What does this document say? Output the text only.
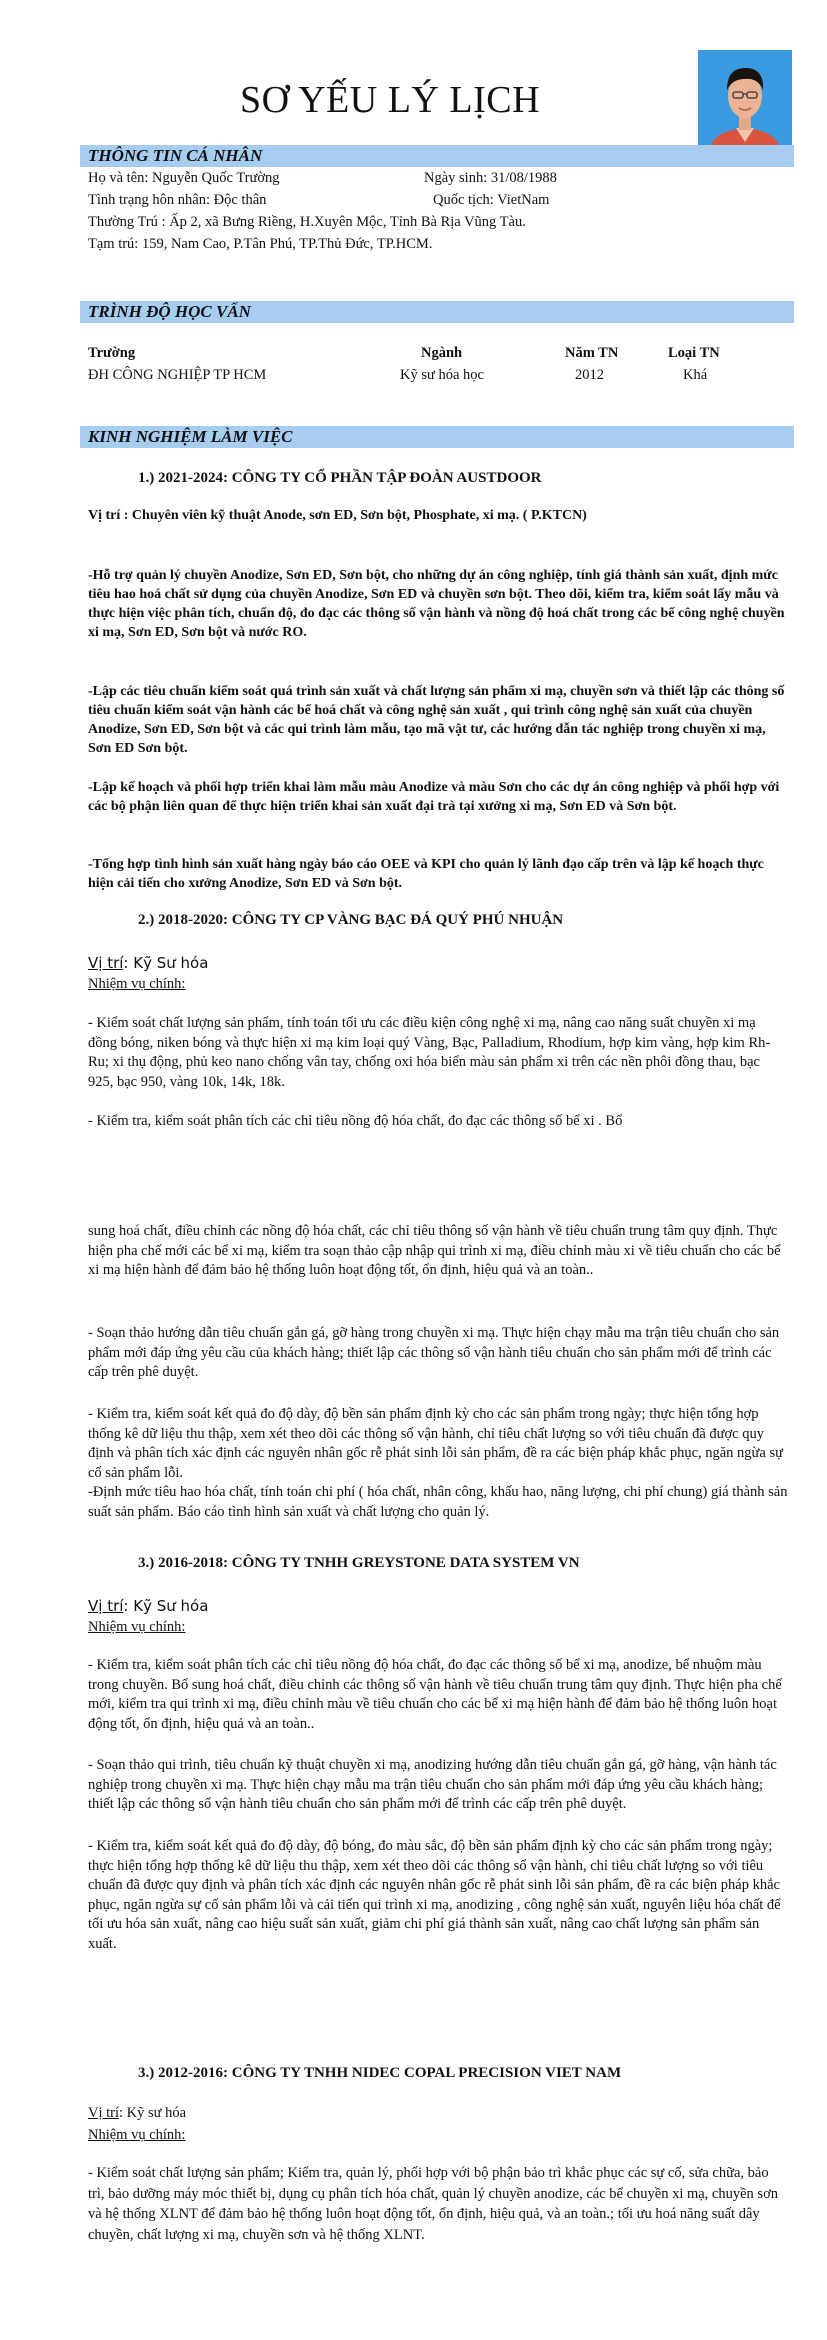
SƠ YẾU LÝ LỊCH
THÔNG TIN CÁ NHÂN
Họ và tên: Nguyễn Quốc Trường	Ngày sinh: 31/08/1988
Tình trạng hôn nhân: Độc thân	Quốc tịch: VietNam
Thường Trú : Ấp 2, xã Bưng Riềng, H.Xuyên Mộc, Tỉnh Bà Rịa Vũng Tàu.
Tạm trú: 159, Nam Cao, P.Tân Phú, TP.Thủ Đức, TP.HCM.
TRÌNH ĐỘ HỌC VẤN
Trường	Ngành	Năm TN	Loại TN
ĐH CÔNG NGHIỆP TP HCM	Kỹ sư hóa học	2012	Khá
KINH NGHIỆM LÀM VIỆC
1.) 2021-2024: CÔNG TY CỔ PHẦN TẬP ĐOÀN AUSTDOOR
Vị trí : Chuyên viên kỹ thuật Anode, sơn ED, Sơn bột, Phosphate, xi mạ. ( P.KTCN)

-Hỗ trợ quản lý chuyền Anodize, Sơn ED, Sơn bột, cho những dự án công nghiệp, tính giá thành sản xuất, định mức tiêu hao hoá chất sử dụng của chuyền Anodize, Sơn ED và chuyền sơn bột. Theo dõi, kiểm tra, kiểm soát lấy mẫu và thực hiện việc phân tích, chuẩn độ, đo đạc các thông số vận hành và nồng độ hoá chất trong các bể công nghệ chuyền xi mạ, Sơn ED, Sơn bột và nước RO.

-Lập các tiêu chuẩn kiểm soát quá trình sản xuất và chất lượng sản phẩm xi mạ, chuyền sơn và thiết lập các thông số tiêu chuẩn kiểm soát vận hành các bể hoá chất và công nghệ sản xuất , qui trình công nghệ sản xuất của chuyền Anodize, Sơn ED, Sơn bột và các qui trình làm mẫu, tạo mã vật tư, các hướng dẫn tác nghiệp trong chuyền xi mạ, Sơn ED Sơn bột.

-Lập kế hoạch và phối hợp triển khai làm mẫu màu Anodize và màu Sơn cho các dự án công nghiệp và phối hợp với các bộ phận liên quan để thực hiện triển khai sản xuất đại trà tại xưởng xi mạ, Sơn ED và Sơn bột.

-Tổng hợp tình hình sản xuất hàng ngày báo cáo OEE và KPI cho quản lý lãnh đạo cấp trên và lập kế hoạch thực hiện cải tiến cho xưởng Anodize, Sơn ED và Sơn bột.

2.) 2018-2020: CÔNG TY CP VÀNG BẠC ĐÁ QUÝ PHÚ NHUẬN
Vị trí: Kỹ Sư hóa
Nhiệm vụ chính:

- Kiểm soát chất lượng sản phẩm, tính toán tối ưu các điều kiện công nghệ xi mạ, nâng cao năng suất chuyền xi mạ đồng bóng, niken bóng và thực hiện xi mạ kim loại quý Vàng, Bạc, Palladium, Rhodium, hợp kim vàng, hợp kim Rh-Ru; xi thụ động, phủ keo nano chống vân tay, chống oxi hóa biển màu sản phẩm xi trên các nền phôi đồng thau, bạc 925, bạc 950, vàng 10k, 14k, 18k.

- Kiểm tra, kiểm soát phân tích các chỉ tiêu nồng độ hóa chất, đo đạc các thông số bể xi . Bổ

sung hoá chất, điều chỉnh các nồng độ hóa chất, các chỉ tiêu thông số vận hành về tiêu chuẩn trung tâm quy định. Thực hiện pha chế mới các bể xi mạ, kiểm tra soạn thảo cập nhập qui trình xi mạ, điều chỉnh màu xi về tiêu chuẩn cho các bể xi mạ hiện hành để đảm bảo hệ thống luôn hoạt động tốt, ổn định, hiệu quả và an toàn..

- Soạn thảo hướng dẫn tiêu chuẩn gắn gá, gỡ hàng trong chuyền xi mạ. Thực hiện chạy mẫu ma trận tiêu chuẩn cho sản phẩm mới đáp ứng yêu cầu của khách hàng; thiết lập các thông số vận hành tiêu chuẩn cho sản phẩm mới để trình các cấp trên phê duyệt.

- Kiểm tra, kiểm soát kết quả đo độ dày, độ bền sản phẩm định kỳ cho các sản phẩm trong ngày; thực hiện tổng hợp thống kê dữ liệu thu thập, xem xét theo dõi các thông số vận hành, chỉ tiêu chất lượng so với tiêu chuẩn đã được quy định và phân tích xác định các nguyên nhân gốc rễ phát sinh lỗi sản phẩm, đề ra các biện pháp khắc phục, ngăn ngừa sự cố sản phẩm lỗi.
-Định mức tiêu hao hóa chất, tính toán chi phí ( hóa chất, nhân công, khấu hao, năng lượng, chi phí chung) giá thành sản suất sản phẩm. Báo cáo tình hình sản xuất và chất lượng cho quản lý.

3.) 2016-2018: CÔNG TY TNHH GREYSTONE DATA SYSTEM VN
Vị trí: Kỹ Sư hóa
Nhiệm vụ chính:

- Kiểm tra, kiểm soát phân tích các chỉ tiêu nồng độ hóa chất, đo đạc các thông số bể xi mạ, anodize, bể nhuộm màu trong chuyền. Bổ sung hoá chất, điều chỉnh các thông số vận hành về tiêu chuẩn trung tâm quy định. Thực hiện pha chế mới, kiểm tra qui trình xi mạ, điều chỉnh màu về tiêu chuẩn cho các bể xi mạ hiện hành để đảm bảo hệ thống luôn hoạt động tốt, ổn định, hiệu quả và an toàn..

- Soạn thảo qui trình, tiêu chuẩn kỹ thuật chuyền xi mạ, anodizing hướng dẫn tiêu chuẩn gắn gá, gỡ hàng, vận hành tác nghiệp trong chuyền xi mạ. Thực hiện chạy mẫu ma trận tiêu chuẩn cho sản phẩm mới đáp ứng yêu cầu khách hàng; thiết lập các thông số vận hành tiêu chuẩn cho sản phẩm mới để trình các cấp trên phê duyệt.

- Kiểm tra, kiểm soát kết quả đo độ dày, độ bóng, đo màu sắc, độ bền sản phẩm định kỳ cho các sản phẩm trong ngày; thực hiện tổng hợp thống kê dữ liệu thu thập, xem xét theo dõi các thông số vận hành, chỉ tiêu chất lượng so với tiêu chuẩn đã được quy định và phân tích xác định các nguyên nhân gốc rễ phát sinh lỗi sản phẩm, đề ra các biện pháp khắc phục, ngăn ngừa sự cố sản phẩm lỗi và cải tiến qui trình xi mạ, anodizing , công nghệ sản xuất, nguyên liệu hóa chất để tối ưu hóa sản xuất, nâng cao hiệu suất sản xuất, giảm chi phí giá thành sản xuất, nâng cao chất lượng sản phẩm sản xuất.

3.) 2012-2016: CÔNG TY TNHH NIDEC COPAL PRECISION VIET NAM
Vị trí: Kỹ sư hóa
Nhiệm vụ chính:

- Kiểm soát chất lượng sản phẩm; Kiểm tra, quản lý, phối hợp với bộ phận bảo trì khắc phục các sự cố, sửa chữa, bảo trì, bảo dưỡng máy móc thiết bị, dụng cụ phân tích hóa chất, quản lý chuyền anodize, các bể chuyền xi mạ, chuyền sơn và hệ thống XLNT để đảm bảo hệ thống luôn hoạt động tốt, ổn định, hiệu quả, và an toàn.; tối ưu hoá năng suất dây chuyền, chất lượng xi mạ, chuyền sơn và hệ thống XLNT.
